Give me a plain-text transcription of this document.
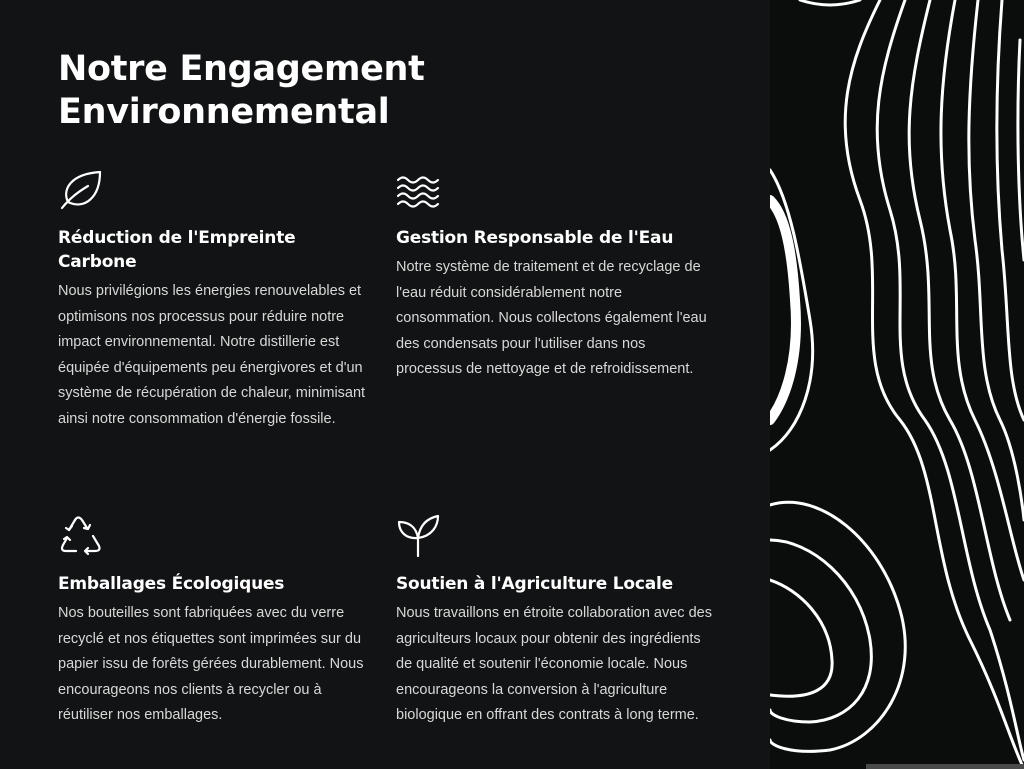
Notre Engagement
Environnemental
Réduction de l'Empreinte Carbone

Nous privilégions les énergies renouvelables et optimisons nos processus pour réduire notre impact environnemental. Notre distillerie est équipée d'équipements peu énergivores et d'un système de récupération de chaleur, minimisant ainsi notre consommation d'énergie fossile.

Gestion Responsable de l'Eau

Notre système de traitement et de recyclage de l'eau réduit considérablement notre consommation. Nous collectons également l'eau des condensats pour l'utiliser dans nos processus de nettoyage et de refroidissement.

Emballages Écologiques

Nos bouteilles sont fabriquées avec du verre recyclé et nos étiquettes sont imprimées sur du papier issu de forêts gérées durablement. Nous encourageons nos clients à recycler ou à réutiliser nos emballages.

Soutien à l'Agriculture Locale

Nous travaillons en étroite collaboration avec des agriculteurs locaux pour obtenir des ingrédients de qualité et soutenir l'économie locale. Nous encourageons la conversion à l'agriculture biologique en offrant des contrats à long terme.
